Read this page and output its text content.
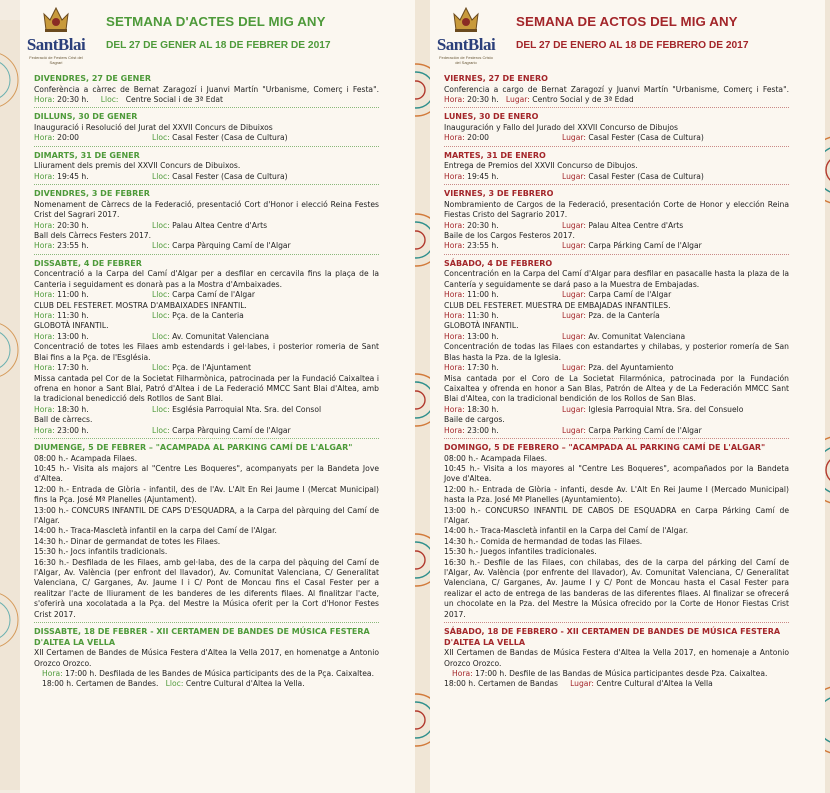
SantBlai
Federació de Festers Crist del Sagrari
SETMANA D'ACTES DEL MIG ANY
DEL 27 DE GENER AL 18 DE FEBRER DE 2017
DIVENDRES, 27 DE GENER
Conferència a càrrec de Bernat Zaragozí i Juanvi Martín "Urbanisme, Comerç i Festa". Hora: 20:30 h. Lloc: Centre Social i de 3ª Edat
DILLUNS, 30 DE GENER
Inauguració i Resolució del Jurat del XXVII Concurs de Dibuixos
Hora: 20:00	Lloc: Casal Fester (Casa de Cultura)
DIMARTS, 31 DE GENER
Lliurament dels premis del XXVII Concurs de Dibuixos.
Hora: 19:45 h.	Lloc: Casal Fester (Casa de Cultura)
DIVENDRES, 3 DE FEBRER
Nomenament de Càrrecs de la Federació, presentació Cort d'Honor i elecció Reina Festes Crist del Sagrari 2017.
Hora: 20:30 h.	Lloc: Palau Altea Centre d'Arts
Ball dels Càrrecs Festers 2017.
Hora: 23:55 h.	Lloc: Carpa Pàrquing Camí de l'Algar
DISSABTE, 4 DE FEBRER
Concentració a la Carpa del Camí d'Algar per a desfilar en cercavila fins la plaça de la Canteria i seguidament es donarà pas a la Mostra d'Ambaixades.
Hora: 11:00 h.	Lloc: Carpa Camí de l'Algar
CLUB DEL FESTERET. MOSTRA D'AMBAIXADES INFANTIL.
Hora: 11:30 h.	Lloc: Pça. de la Canteria
GLOBOTÀ INFANTIL.
Hora: 13:00 h.	Lloc: Av. Comunitat Valenciana
Concentració de totes les Filaes amb estendards i gel·labes, i posterior romeria de Sant Blai fins a la Pça. de l'Església.
Hora: 17:30 h.	Lloc: Pça. de l'Ajuntament
Missa cantada pel Cor de la Societat Filharmònica, patrocinada per la Fundació Caixaltea i ofrena en honor a Sant Blai, Patró d'Altea i de La Federació MMCC Sant Blai d'Altea, amb la tradicional benedicció dels Rotllos de Sant Blai.
Hora: 18:30 h.	Lloc: Església Parroquial Nta. Sra. del Consol
Ball de càrrecs.
Hora: 23:00 h.	Lloc: Carpa Pàrquing Camí de l'Algar
DIUMENGE, 5 DE FEBRER – "ACAMPADA AL PARKING CAMÍ DE L'ALGAR"
08:00 h.- Acampada Filaes.
10:45 h.- Visita als majors al "Centre Les Boqueres", acompanyats per la Bandeta Jove d'Altea.
12:00 h.- Entrada de Glòria - infantil, des de l'Av. L'Alt En Rei Jaume I (Mercat Municipal) fins la Pça. José Mª Planelles (Ajuntament).
13:00 h.- CONCURS INFANTIL DE CAPS D'ESQUADRA, a la Carpa del pàrquing del Camí de l'Algar.
14:00 h.- Traca-Mascletà infantil en la carpa del Camí de l'Algar.
14:30 h.- Dinar de germandat de totes les Filaes.
15:30 h.- Jocs infantils tradicionals.
16:30 h.- Desfilada de les Filaes, amb gel·laba, des de la carpa del pàquing del Camí de l'Algar, Av. València (per enfront del llavador), Av. Comunitat Valenciana, C/ Generalitat Valenciana, C/ Garganes, Av. Jaume I i C/ Pont de Moncau fins el Casal Fester per a realitzar l'acte de lliurament de les banderes de les diferents filaes. Al finalitzar l'acte, s'oferirà una xocolatada a la Pça. del Mestre la Música oferit per la Cort d'Honor Festes Crist 2017.
DISSABTE, 18 DE FEBRER - XII CERTAMEN DE BANDES DE MÚSICA FESTERA D'ALTEA LA VELLA
XII Certamen de Bandes de Música Festera d'Altea la Vella 2017, en homenatge a Antonio Orozco Orozco.
Hora: 17:00 h. Desfilada de les Bandes de Música participants des de la Pça. Caixaltea.
18:00 h. Certamen de Bandes. Lloc: Centre Cultural d'Altea la Vella.
SantBlai
Federación de Festeros Cristo del Sagrario
SEMANA DE ACTOS DEL MIG ANY
DEL 27 DE ENERO AL 18 DE FEBRERO DE 2017
VIERNES, 27 DE ENERO
Conferencia a cargo de Bernat Zaragozí y Juanvi Martín "Urbanisme, Comerç i Festa". Hora: 20:30 h. Lugar: Centro Social y de 3ª Edad
LUNES, 30 DE ENERO
Inauguración y Fallo del Jurado del XXVII Concurso de Dibujos
Hora: 20:00	Lugar: Casal Fester (Casa de Cultura)
MARTES, 31 DE ENERO
Entrega de Premios del XXVII Concurso de Dibujos.
Hora: 19:45 h.	Lugar: Casal Fester (Casa de Cultura)
VIERNES, 3 DE FEBRERO
Nombramiento de Cargos de la Federació, presentación Corte de Honor y elección Reina Fiestas Cristo del Sagrario 2017.
Hora: 20:30 h.	Lugar: Palau Altea Centre d'Arts
Baile de los Cargos Festeros 2017.
Hora: 23:55 h.	Lugar: Carpa Párking Camí de l'Algar
SÁBADO, 4 DE FEBRERO
Concentración en la Carpa del Camí d'Algar para desfilar en pasacalle hasta la plaza de la Cantería y seguidamente se dará paso a la Muestra de Embajadas.
Hora: 11:00 h.	Lugar: Carpa Camí de l'Algar
CLUB DEL FESTERET. MUESTRA DE EMBAJADAS INFANTILES.
Hora: 11:30 h.	Lugar: Pza. de la Cantería
GLOBOTÀ INFANTIL.
Hora: 13:00 h.	Lugar: Av. Comunitat Valenciana
Concentración de todas las Filaes con estandartes y chilabas, y posterior romería de San Blas hasta la Pza. de la Iglesia.
Hora: 17:30 h.	Lugar: Pza. del Ayuntamiento
Misa cantada por el Coro de La Societat Filarmónica, patrocinada por la Fundación Caixaltea y ofrenda en honor a San Blas, Patrón de Altea y de La Federación MMCC Sant Blai d'Altea, con la tradicional bendición de los Rollos de San Blas.
Hora: 18:30 h.	Lugar: Iglesia Parroquial Ntra. Sra. del Consuelo
Baile de cargos.
Hora: 23:00 h.	Lugar: Carpa Parking Camí de l'Algar
DOMINGO, 5 DE FEBRERO – "ACAMPADA AL PARKING CAMÍ DE L'ALGAR"
08:00 h.- Acampada Filaes.
10:45 h.- Visita a los mayores al "Centre Les Boqueres", acompañados por la Bandeta Jove d'Altea.
12:00 h.- Entrada de Glòria - infanti, desde Av. L'Alt En Rei Jaume I (Mercado Municipal) hasta la Pza. José Mª Planelles (Ayuntamiento).
13:00 h.- CONCURSO INFANTIL DE CABOS DE ESQUADRA en Carpa Párking Camí de l'Algar.
14:00 h.- Traca-Mascletà infantil en la Carpa del Camí de l'Algar.
14:30 h.- Comida de hermandad de todas las Filaes.
15:30 h.- Juegos infantiles tradicionales.
16:30 h.- Desfile de las Filaes, con chilabas, des de la carpa del párking del Camí de l'Algar, Av. València (por enfrente del llavador), Av. Comunitat Valenciana, C/ Generalitat Valenciana, C/ Garganes, Av. Jaume I y C/ Pont de Moncau hasta el Casal Fester para realizar el acto de entrega de las banderas de las diferentes filaes. Al finalizar se ofrecerá un chocolate en la Pza. del Mestre la Música ofrecido por la Corte de Honor Fiestas Crist 2017.
SÁBADO, 18 DE FEBRERO - XII CERTAMEN DE BANDES DE MÚSICA FESTERA D'ALTEA LA VELLA
XII Certamen de Bandas de Música Festera d'Altea la Vella 2017, en homenaje a Antonio Orozco Orozco.
Hora: 17:00 h. Desfile de las Bandas de Música participantes desde Pza. Caixaltea.
18:00 h. Certamen de Bandas Lugar: Centre Cultural d'Altea la Vella
